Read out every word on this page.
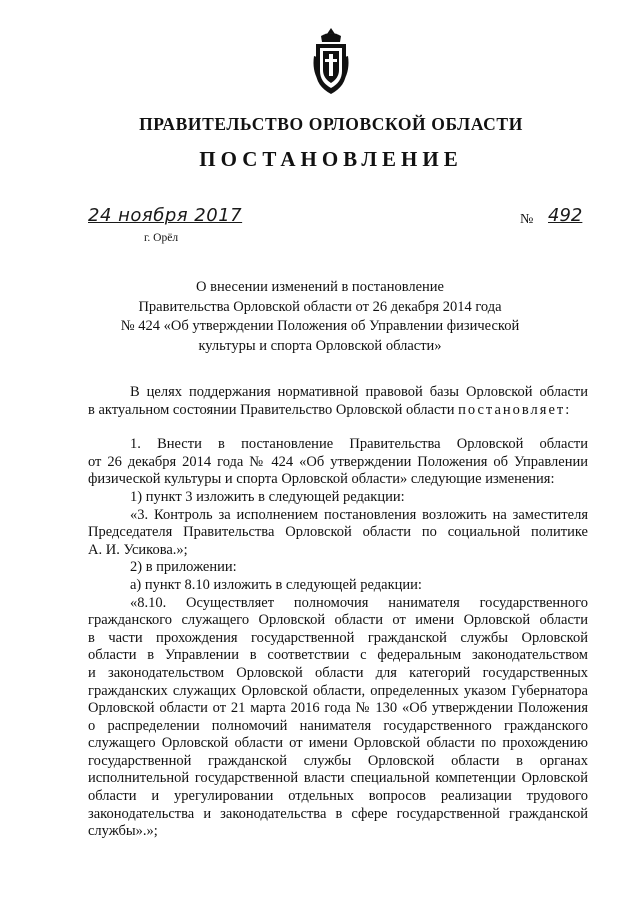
ПРАВИТЕЛЬСТВО ОРЛОВСКОЙ ОБЛАСТИ
ПОСТАНОВЛЕНИЕ
24 ноября 2017	№ 492
г. Орёл
О внесении изменений в постановление
Правительства Орловской области от 26 декабря 2014 года
№ 424 «Об утверждении Положения об Управлении физической
культуры и спорта Орловской области»

В целях поддержания нормативной правовой базы Орловской области

в актуальном состоянии Правительство Орловской области постановляет:

1. Внести в постановление Правительства Орловской области

от 26 декабря 2014 года № 424 «Об утверждении Положения об Управлении

физической культуры и спорта Орловской области» следующие изменения:

1) пункт 3 изложить в следующей редакции:

«3. Контроль за исполнением постановления возложить на заместителя

Председателя Правительства Орловской области по социальной политике

А. И. Усикова.»;

2) в приложении:

а) пункт 8.10 изложить в следующей редакции:

«8.10. Осуществляет полномочия нанимателя государственного

гражданского служащего Орловской области от имени Орловской области

в части прохождения государственной гражданской службы Орловской

области в Управлении в соответствии с федеральным законодательством

и законодательством Орловской области для категорий государственных

гражданских служащих Орловской области, определенных указом Губернатора

Орловской области от 21 марта 2016 года № 130 «Об утверждении Положения

о распределении полномочий нанимателя государственного гражданского

служащего Орловской области от имени Орловской области по прохождению

государственной гражданской службы Орловской области в органах

исполнительной государственной власти специальной компетенции Орловской

области и урегулировании отдельных вопросов реализации трудового

законодательства и законодательства в сфере государственной гражданской

службы».»;
